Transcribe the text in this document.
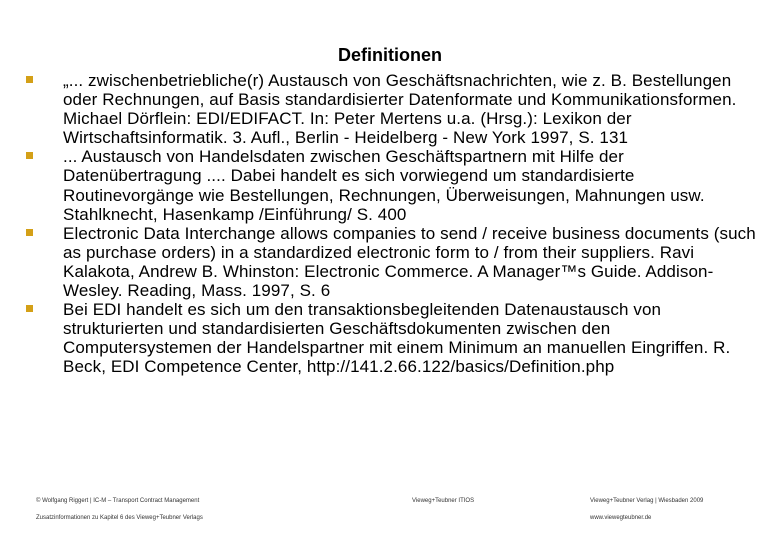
Definitionen
„... zwischenbetriebliche(r) Austausch von Geschäftsnachrichten, wie z. B. Bestellungen oder Rechnungen, auf Basis standardisierter Datenformate und Kommunikationsformen. Michael Dörflein: EDI/EDIFACT. In: Peter Mertens u.a. (Hrsg.): Lexikon der Wirtschaftsinformatik. 3. Aufl., Berlin - Heidelberg - New York 1997, S. 131
... Austausch von Handelsdaten zwischen Geschäftspartnern mit Hilfe der Datenübertragung .... Dabei handelt es sich vorwiegend um standardisierte Routinevorgänge wie Bestellungen, Rechnungen, Überweisungen, Mahnungen usw. Stahlknecht, Hasenkamp /Einführung/ S. 400
Electronic Data Interchange allows companies to send / receive business documents (such as purchase orders) in a standardized electronic form to / from their suppliers. Ravi Kalakota, Andrew B. Whinston: Electronic Commerce. A Manager™s Guide. Addison-Wesley. Reading, Mass. 1997, S. 6
Bei EDI handelt es sich um den transaktionsbegleitenden Datenaustausch von strukturierten und standardisierten Geschäftsdokumenten zwischen den Computersystemen der Handelspartner mit einem Minimum an manuellen Eingriffen. R. Beck, EDI Competence Center, http://141.2.66.122/basics/Definition.php
© Wolfgang Riggert | IC-M – Transport Contract Management
Zusatzinformationen zu Kapitel 6 des Vieweg+Teubner Verlags
Vieweg+Teubner ITIOS	Vieweg+Teubner Verlag | Wiesbaden 2009
www.viewegteubner.de
